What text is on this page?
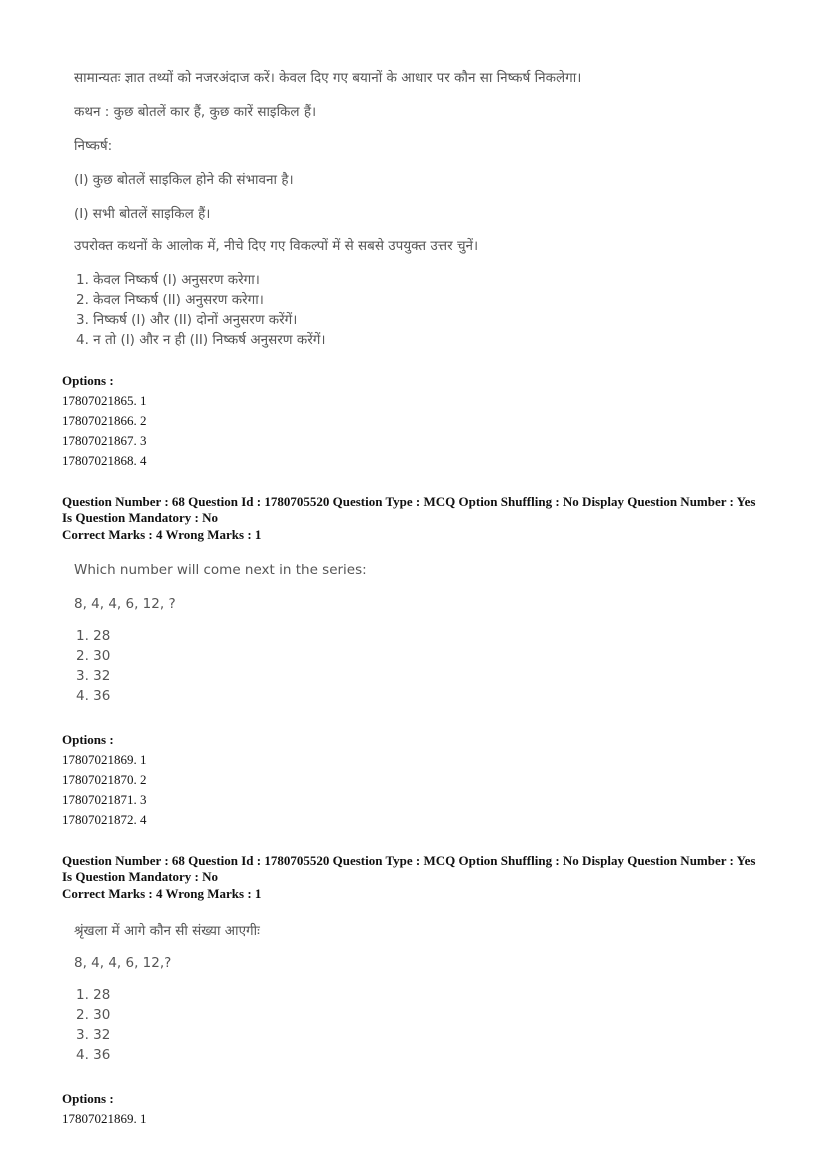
सामान्यतः ज्ञात तथ्यों को नजरअंदाज करें। केवल दिए गए बयानों के आधार पर कौन सा निष्कर्ष निकलेगा।
कथन : कुछ बोतलें कार हैं, कुछ कारें साइकिल हैं।
निष्कर्ष:
(I) कुछ बोतलें साइकिल होने की संभावना है।
(I) सभी बोतलें साइकिल हैं।
उपरोक्त कथनों के आलोक में, नीचे दिए गए विकल्पों में से सबसे उपयुक्त उत्तर चुनें।
1. केवल निष्कर्ष (I) अनुसरण करेगा।
2. केवल निष्कर्ष (II) अनुसरण करेगा।
3. निष्कर्ष (I) और (II) दोनों अनुसरण करेंगें।
4. न तो (I) और न ही (II) निष्कर्ष अनुसरण करेंगें।
Options :
17807021865. 1
17807021866. 2
17807021867. 3
17807021868. 4
Question Number : 68 Question Id : 1780705520 Question Type : MCQ Option Shuffling : No Display Question Number : Yes
Is Question Mandatory : No
Correct Marks : 4 Wrong Marks : 1
Which number will come next in the series:
8, 4, 4, 6, 12, ?
1. 28
2. 30
3. 32
4. 36
Options :
17807021869. 1
17807021870. 2
17807021871. 3
17807021872. 4
Question Number : 68 Question Id : 1780705520 Question Type : MCQ Option Shuffling : No Display Question Number : Yes
Is Question Mandatory : No
Correct Marks : 4 Wrong Marks : 1
श्रृंखला में आगे कौन सी संख्या आएगीः
8, 4, 4, 6, 12,?
1. 28
2. 30
3. 32
4. 36
Options :
17807021869. 1
